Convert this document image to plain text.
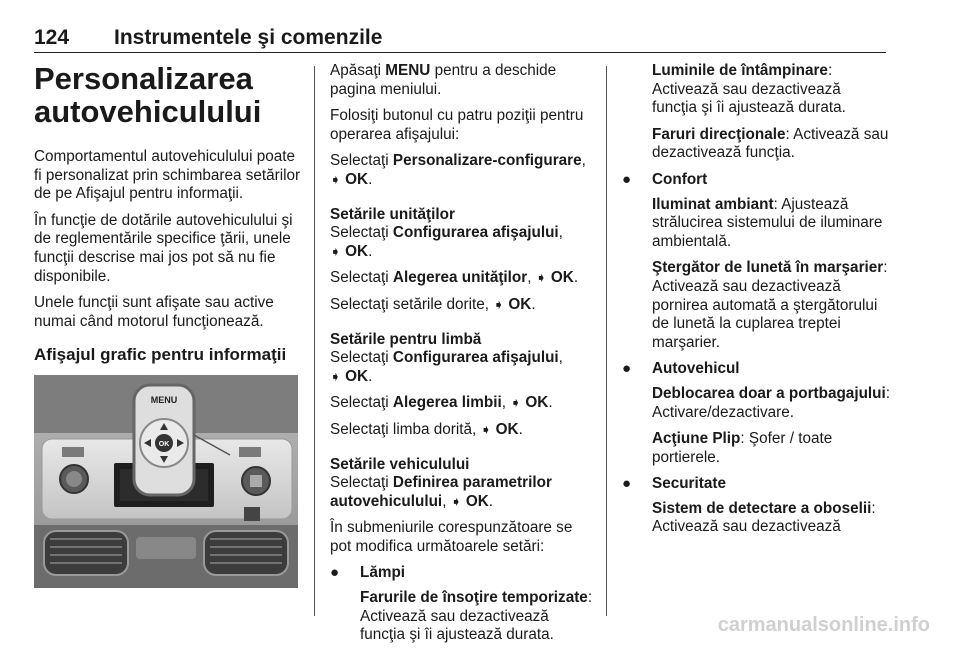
124 Instrumentele şi comenzile
Personalizarea autovehiculului

Comportamentul autovehiculului poate fi personalizat prin schimbarea setărilor de pe Afişajul pentru informaţii.

În funcţie de dotările autovehiculului şi de reglementările specifice ţării, unele funcţii descrise mai jos pot să nu fie disponibile.

Unele funcţii sunt afişate sau active numai când motorul funcţionează.

Afişajul grafic pentru informaţii
MENU
OK

Apăsaţi MENU pentru a deschide pagina meniului.

Folosiţi butonul cu patru poziţii pentru operarea afişajului:

Selectaţi Personalizare-configurare,
➧ OK.

Setările unităţilor

Selectaţi Configurarea afişajului,
➧ OK.

Selectaţi Alegerea unităţilor, ➧ OK.

Selectaţi setările dorite, ➧ OK.

Setările pentru limbă

Selectaţi Configurarea afişajului,
➧ OK.

Selectaţi Alegerea limbii, ➧ OK.

Selectaţi limba dorită, ➧ OK.

Setările vehiculului

Selectaţi Definirea parametrilor autovehiculului, ➧ OK.

În submeniurile corespunzătoare se pot modifica următoarele setări:

● Lămpi

Farurile de însoţire temporizate:
Activează sau dezactivează funcţia şi îi ajustează durata.

Luminile de întâmpinare:
Activează sau dezactivează funcţia şi îi ajustează durata.

Faruri direcţionale: Activează sau dezactivează funcţia.

● Confort

Iluminat ambiant: Ajustează strălucirea sistemului de iluminare ambientală.

Ştergător de lunetă în marşarier: Activează sau dezactivează pornirea automată a ştergătorului de lunetă la cuplarea treptei marşarier.

● Autovehicul

Deblocarea doar a portbagajului: Activare/dezactivare.

Acţiune Plip: Şofer / toate portierele.

● Securitate

Sistem de detectare a oboselii:
Activează sau dezactivează

carmanualsonline.info
